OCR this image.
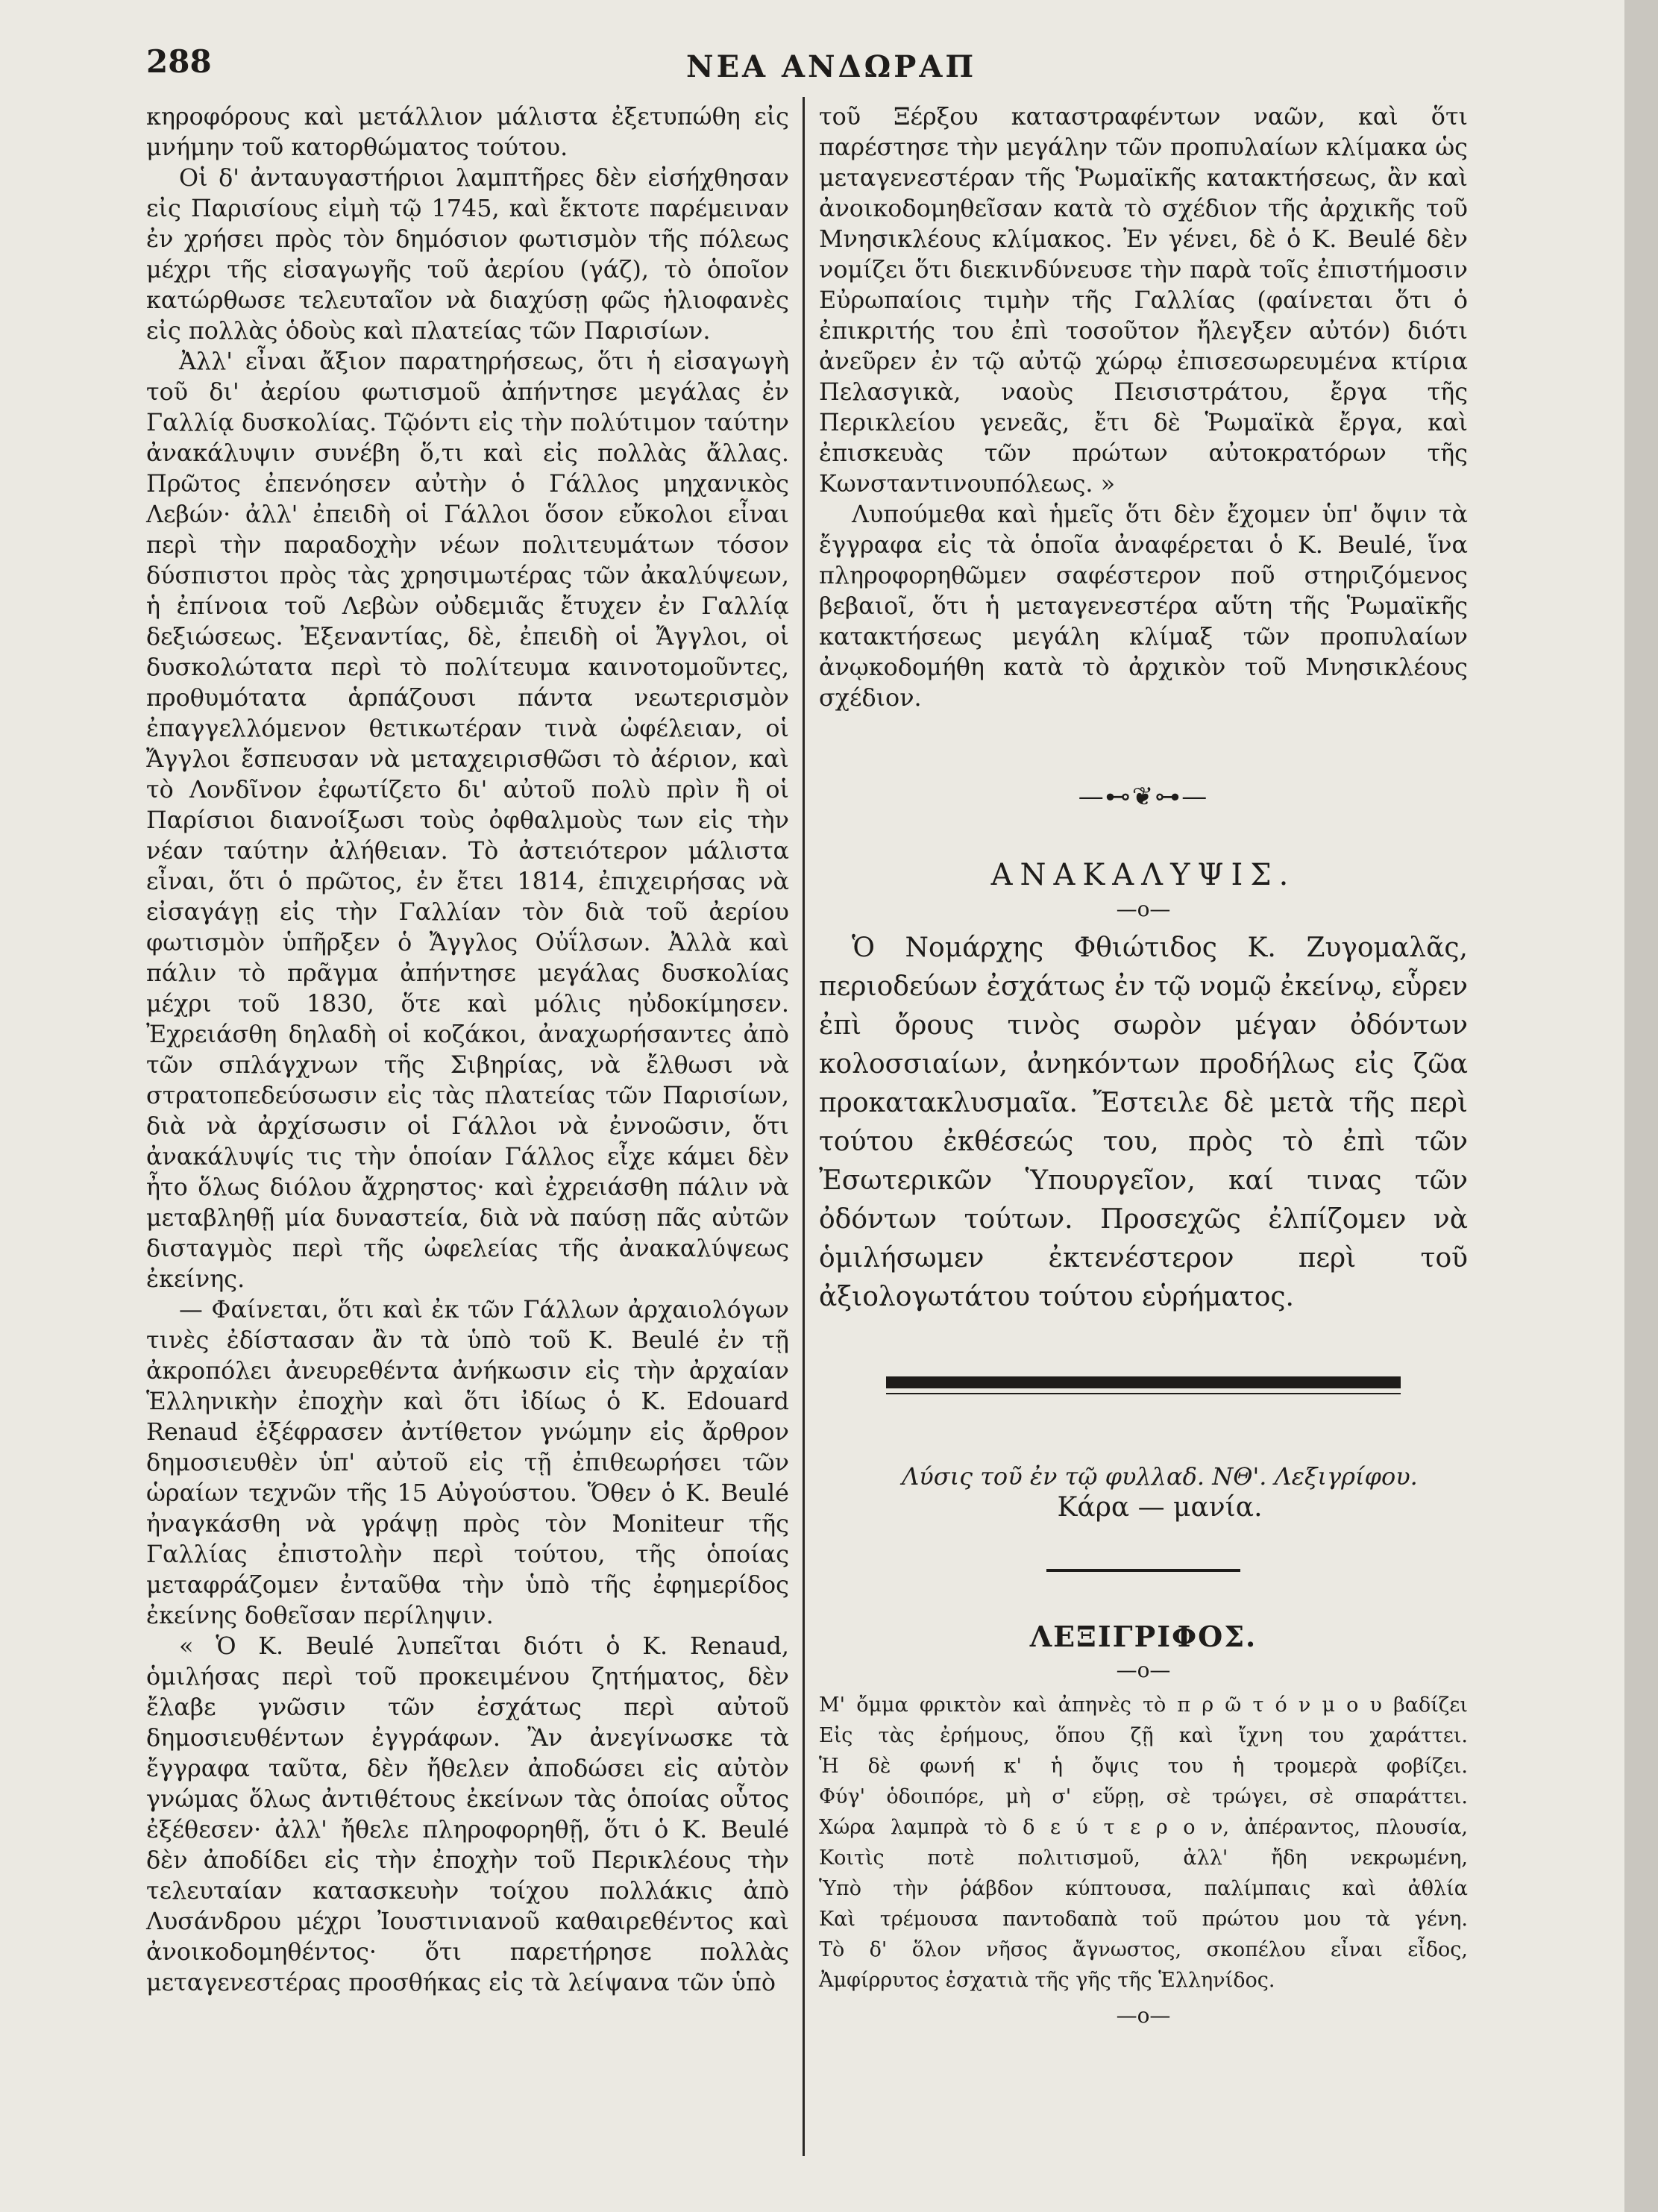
288	ΝΕΑ ΑΝΔΩΡΑΠ

κηροφόρους καὶ μετάλλιον μάλιστα ἐξετυπώθη εἰς μνήμην τοῦ κατορθώματος τούτου.

Οἱ δ' ἀνταυγαστήριοι λαμπτῆρες δὲν εἰσήχθησαν εἰς Παρισίους εἰμὴ τῷ 1745, καὶ ἔκτοτε παρέμειναν ἐν χρήσει πρὸς τὸν δημόσιον φωτισμὸν τῆς πόλεως μέχρι τῆς εἰσαγωγῆς τοῦ ἀερίου (γάζ), τὸ ὁποῖον κατώρθωσε τελευταῖον νὰ διαχύσῃ φῶς ἡλιοφανὲς εἰς πολλὰς ὁδοὺς καὶ πλατείας τῶν Παρισίων.

Ἀλλ' εἶναι ἄξιον παρατηρήσεως, ὅτι ἡ εἰσαγωγὴ τοῦ δι' ἀερίου φωτισμοῦ ἀπήντησε μεγάλας ἐν Γαλλίᾳ δυσκολίας. Τῷόντι εἰς τὴν πολύτιμον ταύτην ἀνακάλυψιν συνέβη ὅ,τι καὶ εἰς πολλὰς ἄλλας. Πρῶτος ἐπενόησεν αὐτὴν ὁ Γάλλος μηχανικὸς Λεβών· ἀλλ' ἐπειδὴ οἱ Γάλλοι ὅσον εὔκολοι εἶναι περὶ τὴν παραδοχὴν νέων πολιτευμάτων τόσον δύσπιστοι πρὸς τὰς χρησιμωτέρας τῶν ἀκαλύψεων, ἡ ἐπίνοια τοῦ Λεβὼν οὐδεμιᾶς ἔτυχεν ἐν Γαλλίᾳ δεξιώσεως. Ἐξεναντίας, δὲ, ἐπειδὴ οἱ Ἄγγλοι, οἱ δυσκολώτατα περὶ τὸ πολίτευμα καινοτομοῦντες, προθυμότατα ἁρπάζουσι πάντα νεωτερισμὸν ἐπαγγελλόμενον θετικωτέραν τινὰ ὠφέλειαν, οἱ Ἄγγλοι ἔσπευσαν νὰ μεταχειρισθῶσι τὸ ἀέριον, καὶ τὸ Λονδῖνον ἐφωτίζετο δι' αὐτοῦ πολὺ πρὶν ἢ οἱ Παρίσιοι διανοίξωσι τοὺς ὀφθαλμοὺς των εἰς τὴν νέαν ταύτην ἀλήθειαν. Τὸ ἀστειότερον μάλιστα εἶναι, ὅτι ὁ πρῶτος, ἐν ἔτει 1814, ἐπιχειρήσας νὰ εἰσαγάγῃ εἰς τὴν Γαλλίαν τὸν διὰ τοῦ ἀερίου φωτισμὸν ὑπῆρξεν ὁ Ἄγγλος Οὐΐλσων. Ἀλλὰ καὶ πάλιν τὸ πρᾶγμα ἀπήντησε μεγάλας δυσκολίας μέχρι τοῦ 1830, ὅτε καὶ μόλις ηὐδοκίμησεν. Ἐχρειάσθη δηλαδὴ οἱ κοζάκοι, ἀναχωρήσαντες ἀπὸ τῶν σπλάγχνων τῆς Σιβηρίας, νὰ ἔλθωσι νὰ στρατοπεδεύσωσιν εἰς τὰς πλατείας τῶν Παρισίων, διὰ νὰ ἀρχίσωσιν οἱ Γάλλοι νὰ ἐννοῶσιν, ὅτι ἀνακάλυψίς τις τὴν ὁποίαν Γάλλος εἶχε κάμει δὲν ἦτο ὅλως διόλου ἄχρηστος· καὶ ἐχρειάσθη πάλιν νὰ μεταβληθῇ μία δυναστεία, διὰ νὰ παύσῃ πᾶς αὐτῶν δισταγμὸς περὶ τῆς ὠφελείας τῆς ἀνακαλύψεως ἐκείνης.

— Φαίνεται, ὅτι καὶ ἐκ τῶν Γάλλων ἀρχαιολόγων τινὲς ἐδίστασαν ἂν τὰ ὑπὸ τοῦ Κ. Beulé ἐν τῇ ἀκροπόλει ἀνευρεθέντα ἀνήκωσιν εἰς τὴν ἀρχαίαν Ἑλληνικὴν ἐποχὴν καὶ ὅτι ἰδίως ὁ Κ. Edouard Renaud ἐξέφρασεν ἀντίθετον γνώμην εἰς ἄρθρον δημοσιευθὲν ὑπ' αὐτοῦ εἰς τῇ ἐπιθεωρήσει τῶν ὡραίων τεχνῶν τῆς 15 Αὐγούστου. Ὅθεν ὁ Κ. Beulé ἠναγκάσθη νὰ γράψῃ πρὸς τὸν Moniteur τῆς Γαλλίας ἐπιστολὴν περὶ τούτου, τῆς ὁποίας μεταφράζομεν ἐνταῦθα τὴν ὑπὸ τῆς ἐφημερίδος ἐκείνης δοθεῖσαν περίληψιν.

« Ὁ Κ. Beulé λυπεῖται διότι ὁ Κ. Renaud, ὁμιλήσας περὶ τοῦ προκειμένου ζητήματος, δὲν ἔλαβε γνῶσιν τῶν ἐσχάτως περὶ αὐτοῦ δημοσιευθέντων ἐγγράφων. Ἂν ἀνεγίνωσκε τὰ ἔγγραφα ταῦτα, δὲν ἤθελεν ἀποδώσει εἰς αὐτὸν γνώμας ὅλως ἀντιθέτους ἐκείνων τὰς ὁποίας οὗτος ἐξέθεσεν· ἀλλ' ἤθελε πληροφορηθῇ, ὅτι ὁ Κ. Beulé δὲν ἀποδίδει εἰς τὴν ἐποχὴν τοῦ Περικλέους τὴν τελευταίαν κατασκευὴν τοίχου πολλάκις ἀπὸ Λυσάνδρου μέχρι Ἰουστινιανοῦ καθαιρεθέντος καὶ ἀνοικοδομηθέντος· ὅτι παρετήρησε πολλὰς μεταγενεστέρας προσθήκας εἰς τὰ λείψανα τῶν ὑπὸ

τοῦ Ξέρξου καταστραφέντων ναῶν, καὶ ὅτι παρέστησε τὴν μεγάλην τῶν προπυλαίων κλίμακα ὡς μεταγενεστέραν τῆς Ῥωμαϊκῆς κατακτήσεως, ἂν καὶ ἀνοικοδομηθεῖσαν κατὰ τὸ σχέδιον τῆς ἀρχικῆς τοῦ Μνησικλέους κλίμακος. Ἐν γένει, δὲ ὁ Κ. Beulé δὲν νομίζει ὅτι διεκινδύνευσε τὴν παρὰ τοῖς ἐπιστήμοσιν Εὐρωπαίοις τιμὴν τῆς Γαλλίας (φαίνεται ὅτι ὁ ἐπικριτής του ἐπὶ τοσοῦτον ἤλεγξεν αὐτόν) διότι ἀνεῦρεν ἐν τῷ αὐτῷ χώρῳ ἐπισεσωρευμένα κτίρια Πελασγικὰ, ναοὺς Πεισιστράτου, ἔργα τῆς Περικλείου γενεᾶς, ἔτι δὲ Ῥωμαϊκὰ ἔργα, καὶ ἐπισκευὰς τῶν πρώτων αὐτοκρατόρων τῆς Κωνσταντινουπόλεως. »

Λυπούμεθα καὶ ἡμεῖς ὅτι δὲν ἔχομεν ὑπ' ὄψιν τὰ ἔγγραφα εἰς τὰ ὁποῖα ἀναφέρεται ὁ Κ. Beulé, ἵνα πληροφορηθῶμεν σαφέστερον ποῦ στηριζόμενος βεβαιοῖ, ὅτι ἡ μεταγενεστέρα αὕτη τῆς Ῥωμαϊκῆς κατακτήσεως μεγάλη κλίμαξ τῶν προπυλαίων ἀνῳκοδομήθη κατὰ τὸ ἀρχικὸν τοῦ Μνησικλέους σχέδιον.

—⊷❦⊶—
ΑΝΑΚΑΛΥΨΙΣ.
—o—

Ὁ Νομάρχης Φθιώτιδος Κ. Ζυγομαλᾶς, περιοδεύων ἐσχάτως ἐν τῷ νομῷ ἐκείνῳ, εὗρεν ἐπὶ ὄρους τινὸς σωρὸν μέγαν ὀδόντων κολοσσιαίων, ἀνηκόντων προδήλως εἰς ζῶα προκατακλυσμαῖα. Ἔστειλε δὲ μετὰ τῆς περὶ τούτου ἐκθέσεώς του, πρὸς τὸ ἐπὶ τῶν Ἐσωτερικῶν Ὑπουργεῖον, καί τινας τῶν ὀδόντων τούτων. Προσεχῶς ἐλπίζομεν νὰ ὁμιλήσωμεν ἐκτενέστερον περὶ τοῦ ἀξιολογωτάτου τούτου εὑρήματος.

Λύσις τοῦ ἐν τῷ φυλλαδ. ΝΘ'. Λεξιγρίφου.

Κάρα — μανία.

ΛΕΞΙΓΡΙΦΟΣ.
—o—
Μ' ὄμμα φρικτὸν καὶ ἀπηνὲς τὸ π ρ ῶ τ ό ν μ ο υ βαδίζει
Εἰς τὰς ἐρήμους, ὅπου ζῇ καὶ ἴχνη του χαράττει.
Ἡ δὲ φωνή κ' ἡ ὄψις του ἡ τρομερὰ φοβίζει.
Φύγ' ὁδοιπόρε, μὴ σ' εὕρῃ, σὲ τρώγει, σὲ σπαράττει.
Χώρα λαμπρὰ τὸ δ ε ύ τ ε ρ ο ν, ἀπέραντος, πλουσία,
Κοιτὶς ποτὲ πολιτισμοῦ, ἀλλ' ἤδη νεκρωμένη,
Ὑπὸ τὴν ῥάβδον κύπτουσα, παλίμπαις καὶ ἀθλία
Καὶ τρέμουσα παντοδαπὰ τοῦ πρώτου μου τὰ γένη.
Τὸ δ' ὅλον νῆσος ἄγνωστος, σκοπέλου εἶναι εἶδος,
Ἀμφίρρυτος ἐσχατιὰ τῆς γῆς τῆς Ἑλληνίδος.
—o—
